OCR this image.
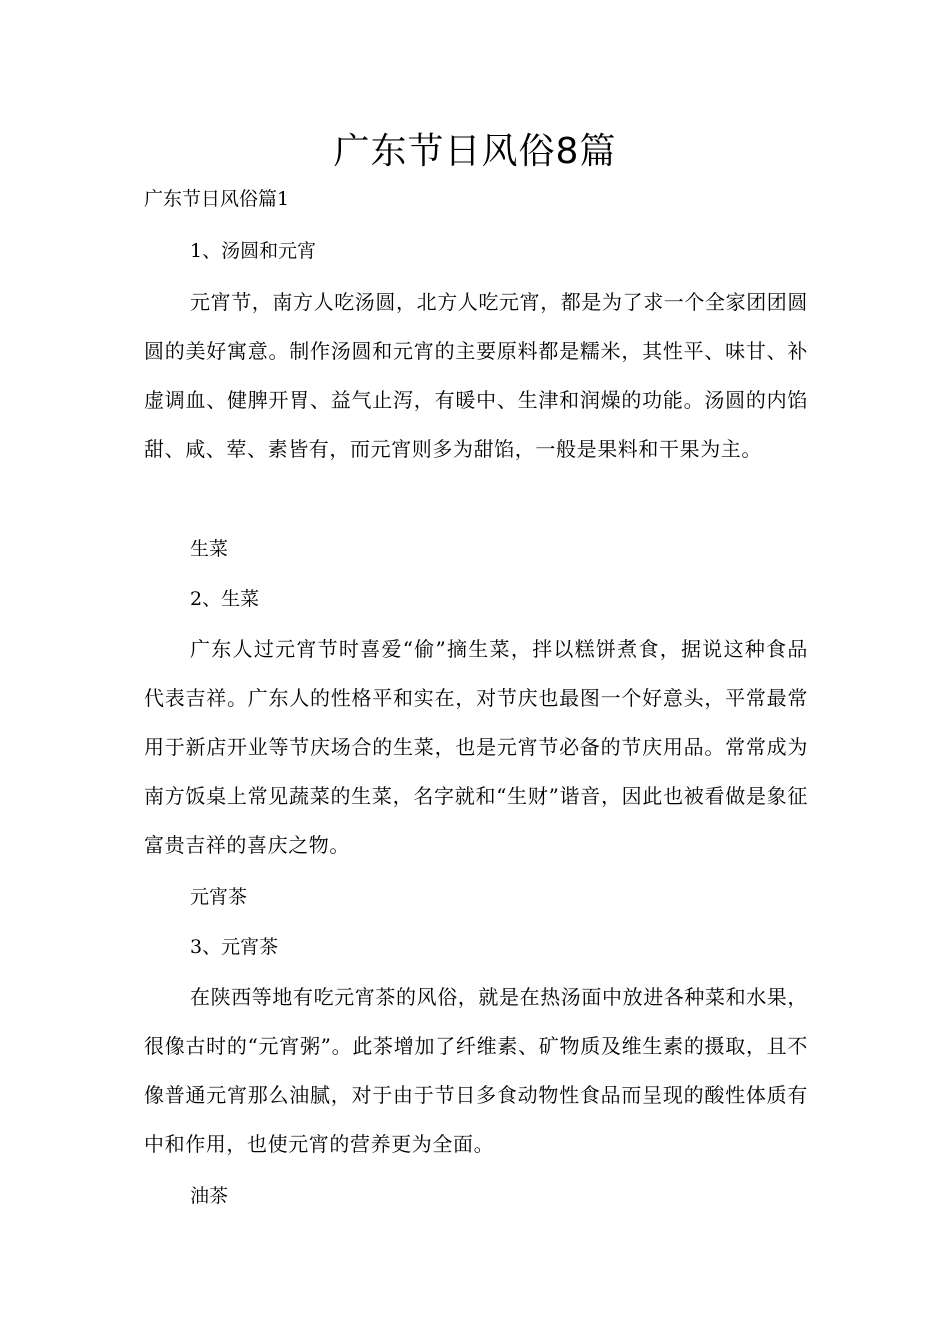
广东节日风俗8篇

广东节日风俗篇1

1、汤圆和元宵

元宵节，南方人吃汤圆，北方人吃元宵，都是为了求一个全家团团圆圆的美好寓意。制作汤圆和元宵的主要原料都是糯米，其性平、味甘、补虚调血、健脾开胃、益气止泻，有暖中、生津和润燥的功能。汤圆的内馅甜、咸、荤、素皆有，而元宵则多为甜馅，一般是果料和干果为主。

生菜

2、生菜

广东人过元宵节时喜爱“偷”摘生菜，拌以糕饼煮食，据说这种食品代表吉祥。广东人的性格平和实在，对节庆也最图一个好意头，平常最常用于新店开业等节庆场合的生菜，也是元宵节必备的节庆用品。常常成为南方饭桌上常见蔬菜的生菜，名字就和“生财”谐音，因此也被看做是象征富贵吉祥的喜庆之物。

元宵茶

3、元宵茶

在陕西等地有吃元宵茶的风俗，就是在热汤面中放进各种菜和水果，很像古时的“元宵粥”。此茶增加了纤维素、矿物质及维生素的摄取，且不像普通元宵那么油腻，对于由于节日多食动物性食品而呈现的酸性体质有中和作用，也使元宵的营养更为全面。

油茶
